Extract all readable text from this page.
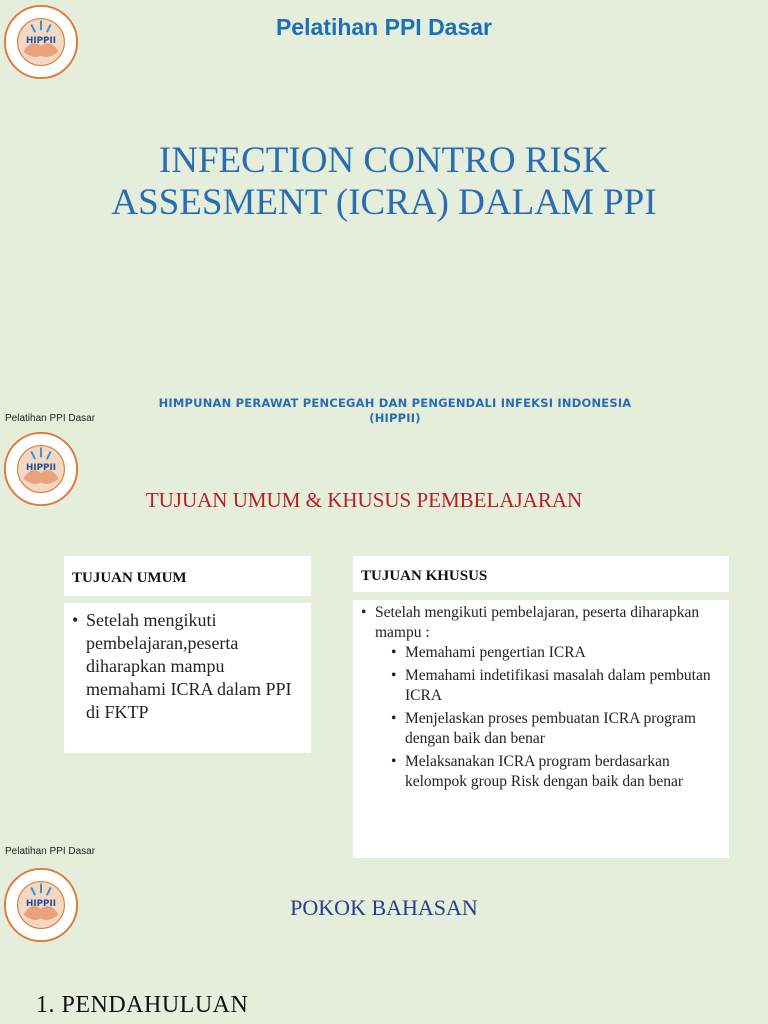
HIPPII
Pelatihan PPI Dasar
INFECTION CONTRO RISK ASSESMENT (ICRA) DALAM PPI
HIMPUNAN PERAWAT PENCEGAH DAN PENGENDALI INFEKSI INDONESIA
(HIPPII)
Pelatihan PPI Dasar
HIPPII
TUJUAN UMUM & KHUSUS PEMBELAJARAN
TUJUAN UMUM
• Setelah mengikuti pembelajaran,peserta diharapkan mampu memahami ICRA dalam PPI di FKTP
TUJUAN KHUSUS
• Setelah mengikuti pembelajaran, peserta diharapkan mampu :
• Memahami pengertian ICRA
• Memahami indetifikasi masalah dalam pembutan ICRA
• Menjelaskan proses pembuatan ICRA program dengan baik dan benar
• Melaksanakan ICRA program berdasarkan kelompok group Risk dengan baik dan benar
Pelatihan PPI Dasar
HIPPII	POKOK BAHASAN
1. PENDAHULUAN
